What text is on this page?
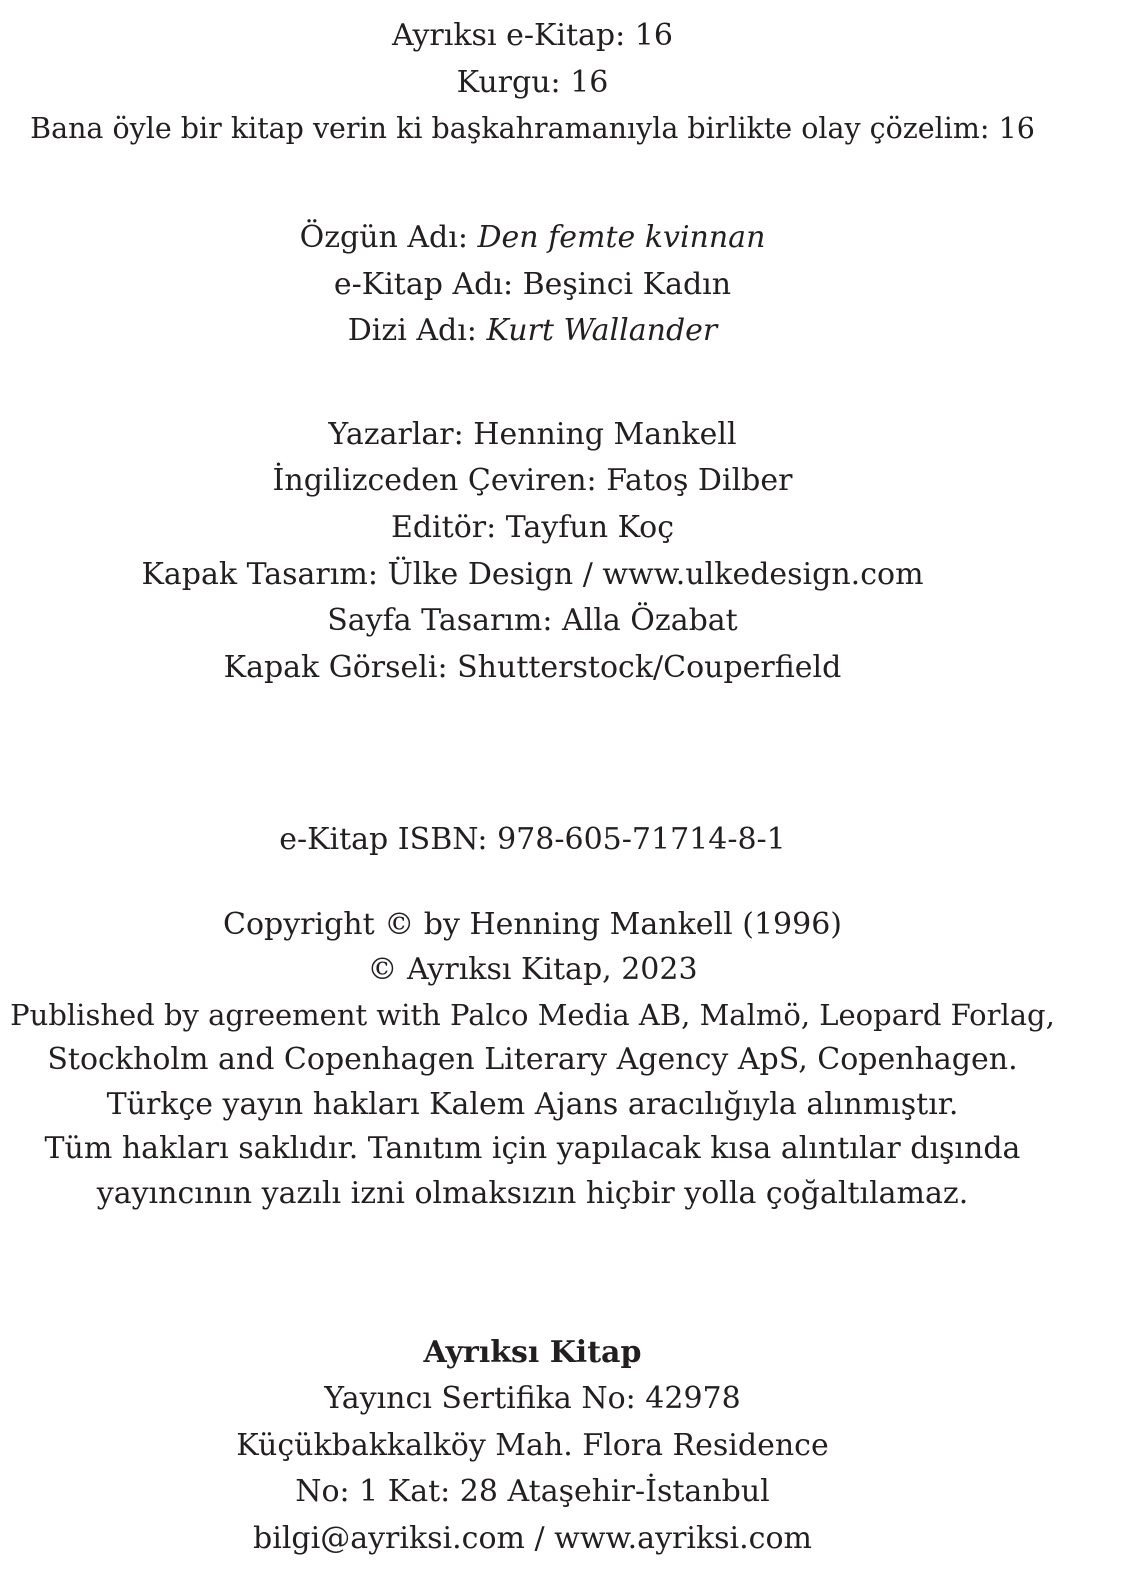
Ayrıksı e-Kitap: 16
Kurgu: 16
Bana öyle bir kitap verin ki başkahramanıyla birlikte olay çözelim: 16
Özgün Adı: Den femte kvinnan
e-Kitap Adı: Beşinci Kadın
Dizi Adı: Kurt Wallander
Yazarlar: Henning Mankell
İngilizceden Çeviren: Fatoş Dilber
Editör: Tayfun Koç
Kapak Tasarım: Ülke Design / www.ulkedesign.com
Sayfa Tasarım: Alla Özabat
Kapak Görseli: Shutterstock/Couperfield
e-Kitap ISBN: 978-605-71714-8-1
Copyright © by Henning Mankell (1996)
© Ayrıksı Kitap, 2023
Published by agreement with Palco Media AB, Malmö, Leopard Forlag,
Stockholm and Copenhagen Literary Agency ApS, Copenhagen.
Türkçe yayın hakları Kalem Ajans aracılığıyla alınmıştır.
Tüm hakları saklıdır. Tanıtım için yapılacak kısa alıntılar dışında
yayıncının yazılı izni olmaksızın hiçbir yolla çoğaltılamaz.
Ayrıksı Kitap
Yayıncı Sertifika No: 42978
Küçükbakkalköy Mah. Flora Residence
No: 1 Kat: 28 Ataşehir-İstanbul
bilgi@ayriksi.com / www.ayriksi.com
